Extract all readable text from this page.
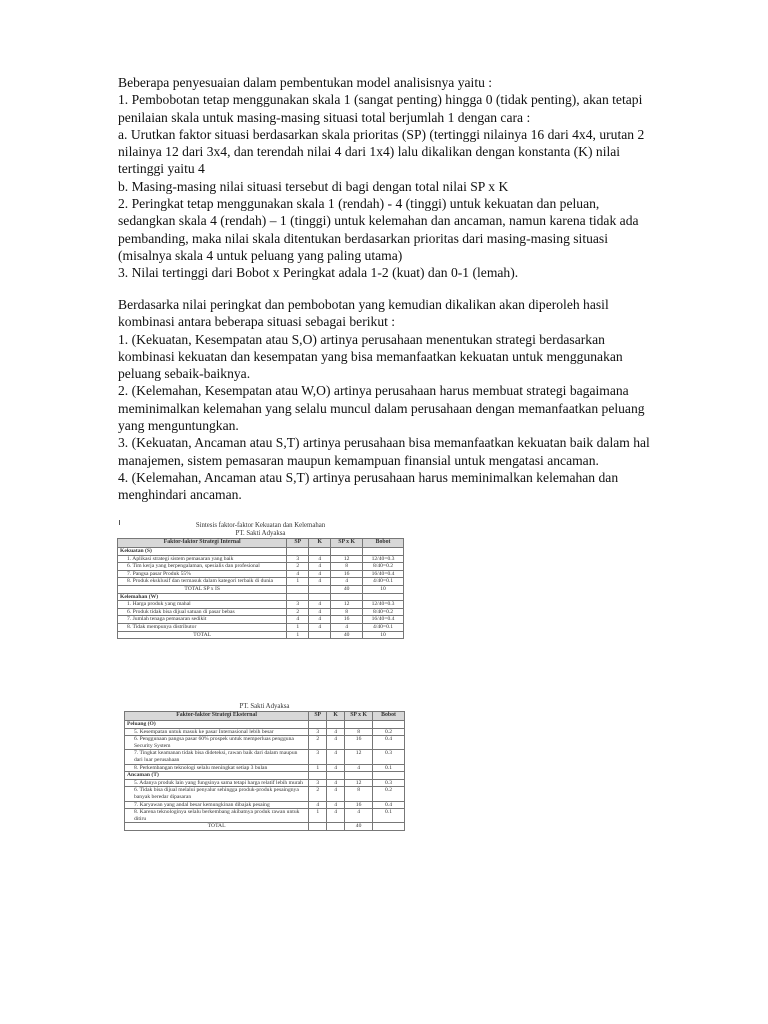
Beberapa penyesuaian dalam pembentukan model analisisnya yaitu :

1. Pembobotan tetap menggunakan skala 1 (sangat penting) hingga 0 (tidak penting), akan tetapi penilaian skala untuk masing-masing situasi total berjumlah 1 dengan cara :

a. Urutkan faktor situasi berdasarkan skala prioritas (SP) (tertinggi nilainya 16 dari 4x4, urutan 2 nilainya 12 dari 3x4, dan terendah nilai 4 dari 1x4) lalu dikalikan dengan konstanta (K) nilai tertinggi yaitu 4

b. Masing-masing nilai situasi tersebut di bagi dengan total nilai SP x K

2. Peringkat tetap menggunakan skala 1 (rendah) - 4 (tinggi) untuk kekuatan dan peluan, sedangkan skala 4 (rendah) – 1 (tinggi) untuk kelemahan dan ancaman, namun karena tidak ada pembanding, maka nilai skala ditentukan berdasarkan prioritas dari masing-masing situasi (misalnya skala 4 untuk peluang yang paling utama)

3. Nilai tertinggi dari Bobot x Peringkat adala 1-2 (kuat) dan 0-1 (lemah).

Berdasarka nilai peringkat dan pembobotan yang kemudian dikalikan akan diperoleh hasil kombinasi antara beberapa situasi sebagai berikut :

1. (Kekuatan, Kesempatan atau S,O) artinya perusahaan menentukan strategi berdasarkan kombinasi kekuatan dan kesempatan yang bisa memanfaatkan kekuatan untuk menggunakan peluang sebaik-baiknya.

2. (Kelemahan, Kesempatan atau W,O) artinya perusahaan harus membuat strategi bagaimana meminimalkan kelemahan yang selalu muncul dalam perusahaan dengan memanfaatkan peluang yang menguntungkan.

3. (Kekuatan, Ancaman atau S,T) artinya perusahaan bisa memanfaatkan kekuatan baik dalam hal manajemen, sistem pemasaran maupun kemampuan finansial untuk mengatasi ancaman.

4. (Kelemahan, Ancaman atau S,T) artinya perusahaan harus meminimalkan kelemahan dan menghindari ancaman.

Sintesis faktor-faktor Kekuatan dan Kelemahan
PT. Sakti Adyaksa
Faktor-faktor Strategi Internal	SP	K	SP x K	Bobot
Kekuatan (S)				
1. Aplikasi strategi sistem pemasaran yang baik	3	4	12	12/40=0.3
6. Tim kerja yang berpengalaman, spesialis dan profesional	2	4	8	8/40=0.2
7. Pangsa pasar Produk 55%	4	4	16	16/40=0.4
8. Produk eksklusif dan termasuk dalam kategori terbaik di dunia	1	4	4	4/40=0.1
TOTAL SP x IS			40	10
Kelemahan (W)				
1. Harga produk yang mahal	3	4	12	12/40=0.3
6. Produk tidak bisa dijual satuan di pasar bebas	2	4	8	8/40=0.2
7. Jumlah tenaga pemasaran sedikit	4	4	16	16/40=0.4
8. Tidak mempunya distributor	1	4	4	4/40=0.1
TOTAL	1		40	10
PT. Sakti Adyaksa
Faktor-faktor Strategi Eksternal	SP	K	SP x K	Bobot
Peluang (O)				
5. Kesempatan untuk masuk ke pasar Internasional lebih besar	3	4	8	0.2
6. Penggunaan pangsa pasar 60% prospek untuk memperluas pengguna Security System	2	4	16	0.4
7. Tingkat keamanan tidak bisa dideteksi, rawan baik dari dalam maupun dari luar perusahaan	3	4	12	0.3
8. Perkembangan teknologi selalu meningkat setiap 3 bulan	1	4	4	0.1
Ancaman (T)				
5. Adanya produk lain yang fungsinya sama tetapi harga relatif lebih murah	3	4	12	0.3
6. Tidak bisa dijual melalui penyalur sehingga produk-produk pesaingnya banyak beredar dipasaran	2	4	8	0.2
7. Karyawan yang andal besar kemungkinan dibajak pesaing	4	4	16	0.4
8. Karena teknologinya selalu berkembang akibatnya produk rawan untuk ditiru	1	4	4	0.1
TOTAL			40	
